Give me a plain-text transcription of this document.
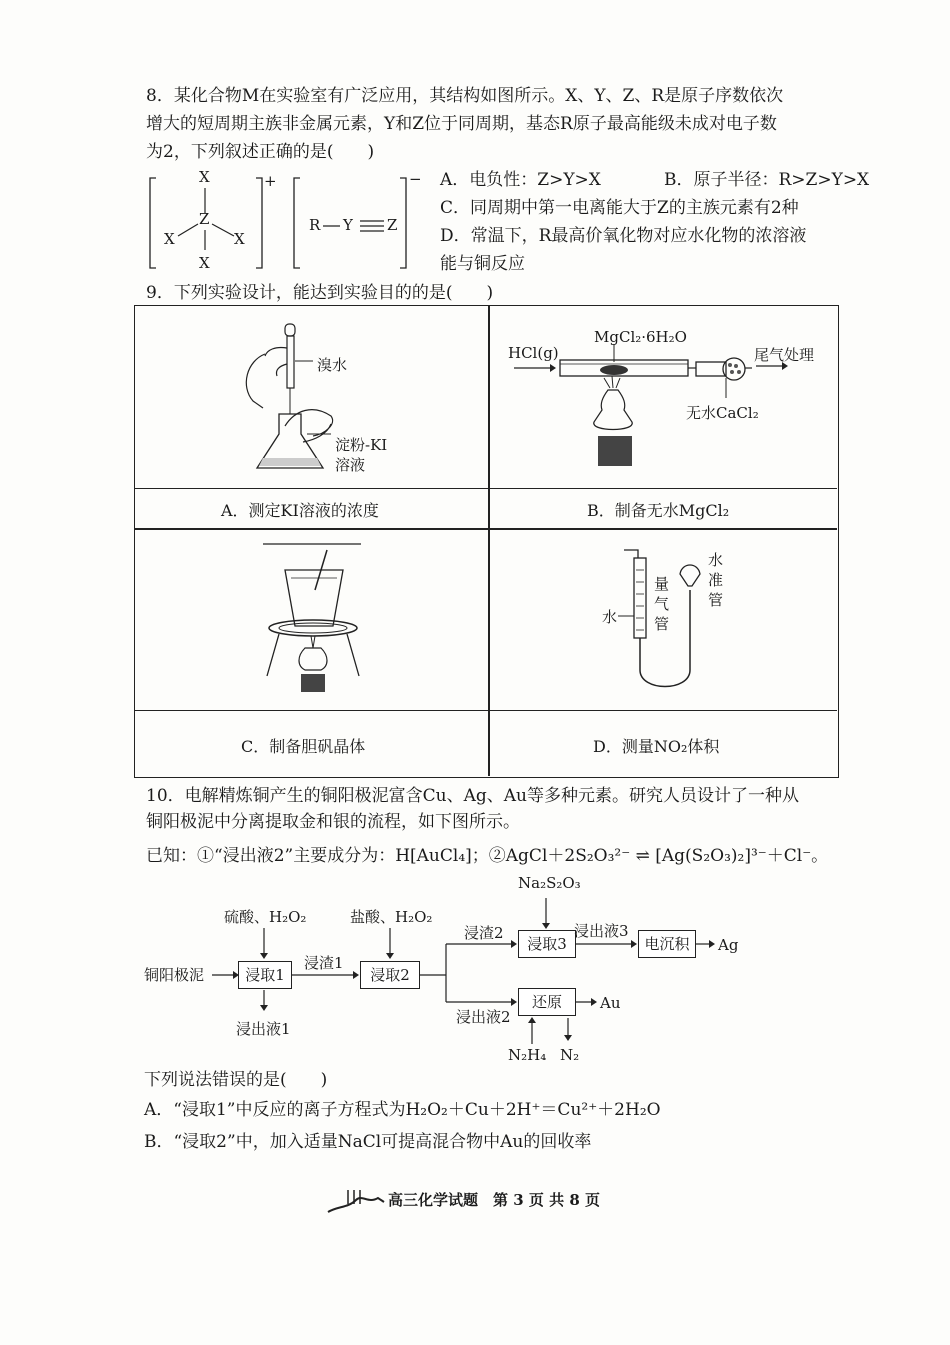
8．某化合物M在实验室有广泛应用，其结构如图所示。X、Y、Z、R是原子序数依次
增大的短周期主族非金属元素，Y和Z位于同周期，基态R原子最高能级未成对电子数
为2，下列叙述正确的是(　　)
X
Z
X	X
X
+
R Y Z
− A．电负性：Z>Y>X	B．原子半径：R>Z>Y>X
C．同周期中第一电离能大于Z的主族元素有2种
D．常温下，R最高价氧化物对应水化物的浓溶液
能与铜反应
9．下列实验设计，能达到实验目的的是(　　)
溴水
淀粉-KI
溶液
MgCl₂·6H₂O
HCl(g)	尾气处理
无水CaCl₂
A．测定KI溶液的浓度	B．制备无水MgCl₂
水准管
量气管
水
C．制备胆矾晶体	D．测量NO₂体积
10．电解精炼铜产生的铜阳极泥富含Cu、Ag、Au等多种元素。研究人员设计了一种从
铜阳极泥中分离提取金和银的流程，如下图所示。
已知：①“浸出液2”主要成分为：H[AuCl₄]；②AgCl＋2S₂O₃²⁻ ⇌ [Ag(S₂O₃)₂]³⁻＋Cl⁻。
浸取1	浸取2
浸取3	电沉积
还原
铜阳极泥
硫酸、H₂O₂
浸出液1
浸渣1
盐酸、H₂O₂
浸渣2
Na₂S₂O₃
浸出液3
Ag
浸出液2
Au
N₂H₄ N₂
下列说法错误的是(　　)
A．“浸取1”中反应的离子方程式为H₂O₂＋Cu＋2H⁺＝Cu²⁺＋2H₂O
B．“浸取2”中，加入适量NaCl可提高混合物中Au的回收率
高三化学试题　第 3 页 共 8 页
